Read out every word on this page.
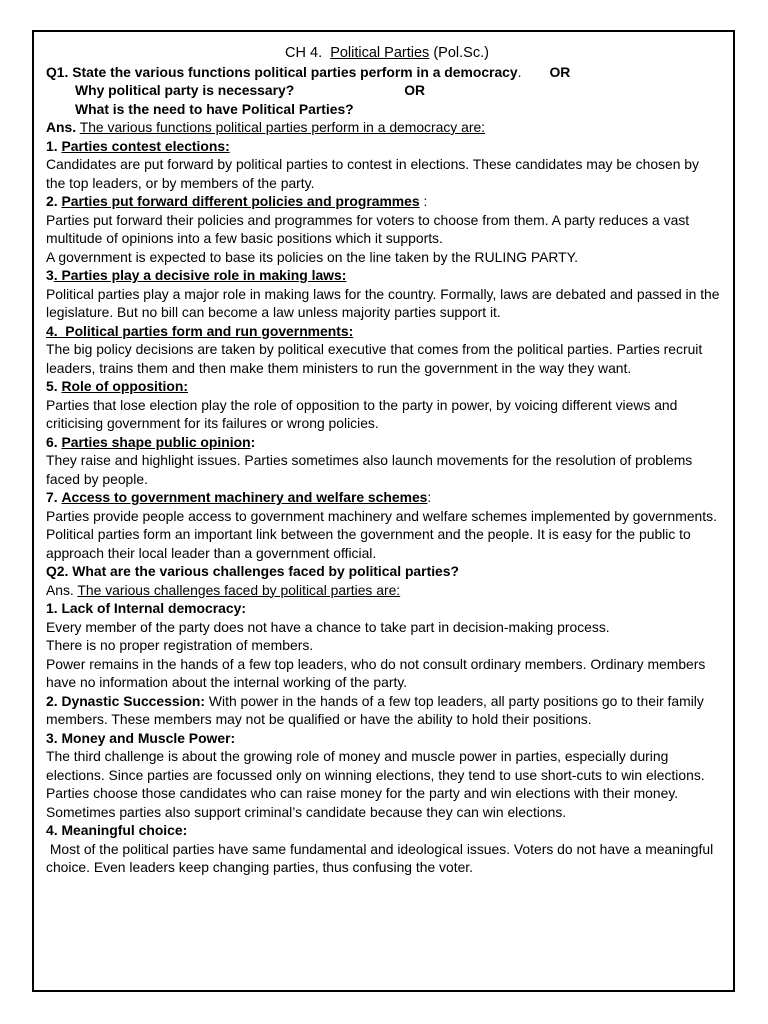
CH 4. Political Parties (Pol.Sc.)

Q1. State the various functions political parties perform in a democracy. OR

Why political party is necessary?	OR

What is the need to have Political Parties?

Ans. The various functions political parties perform in a democracy are:

1. Parties contest elections:

Candidates are put forward by political parties to contest in elections. These candidates may be chosen by the top leaders, or by members of the party.

2. Parties put forward different policies and programmes :

Parties put forward their policies and programmes for voters to choose from them. A party reduces a vast multitude of opinions into a few basic positions which it supports.

A government is expected to base its policies on the line taken by the RULING PARTY.

3. Parties play a decisive role in making laws:

Political parties play a major role in making laws for the country. Formally, laws are debated and passed in the legislature. But no bill can become a law unless majority parties support it.

4.  Political parties form and run governments:

The big policy decisions are taken by political executive that comes from the political parties. Parties recruit leaders, trains them and then make them ministers to run the government in the way they want.

5. Role of opposition:

Parties that lose election play the role of opposition to the party in power, by voicing different views and criticising government for its failures or wrong policies.

6. Parties shape public opinion:

They raise and highlight issues. Parties sometimes also launch movements for the resolution of problems faced by people.

7. Access to government machinery and welfare schemes:

Parties provide people access to government machinery and welfare schemes implemented by governments. Political parties form an important link between the government and the people. It is easy for the public to approach their local leader than a government official.

Q2. What are the various challenges faced by political parties?

Ans. The various challenges faced by political parties are:

1. Lack of Internal democracy:

Every member of the party does not have a chance to take part in decision-making process.

There is no proper registration of members.

Power remains in the hands of a few top leaders, who do not consult ordinary members. Ordinary members have no information about the internal working of the party.

2. Dynastic Succession: With power in the hands of a few top leaders, all party positions go to their family members. These members may not be qualified or have the ability to hold their positions.

3. Money and Muscle Power:

The third challenge is about the growing role of money and muscle power in parties, especially during elections. Since parties are focussed only on winning elections, they tend to use short-cuts to win elections. Parties choose those candidates who can raise money for the party and win elections with their money.

Sometimes parties also support criminal’s candidate because they can win elections.

4. Meaningful choice:

Most of the political parties have same fundamental and ideological issues. Voters do not have a meaningful choice. Even leaders keep changing parties, thus confusing the voter.
